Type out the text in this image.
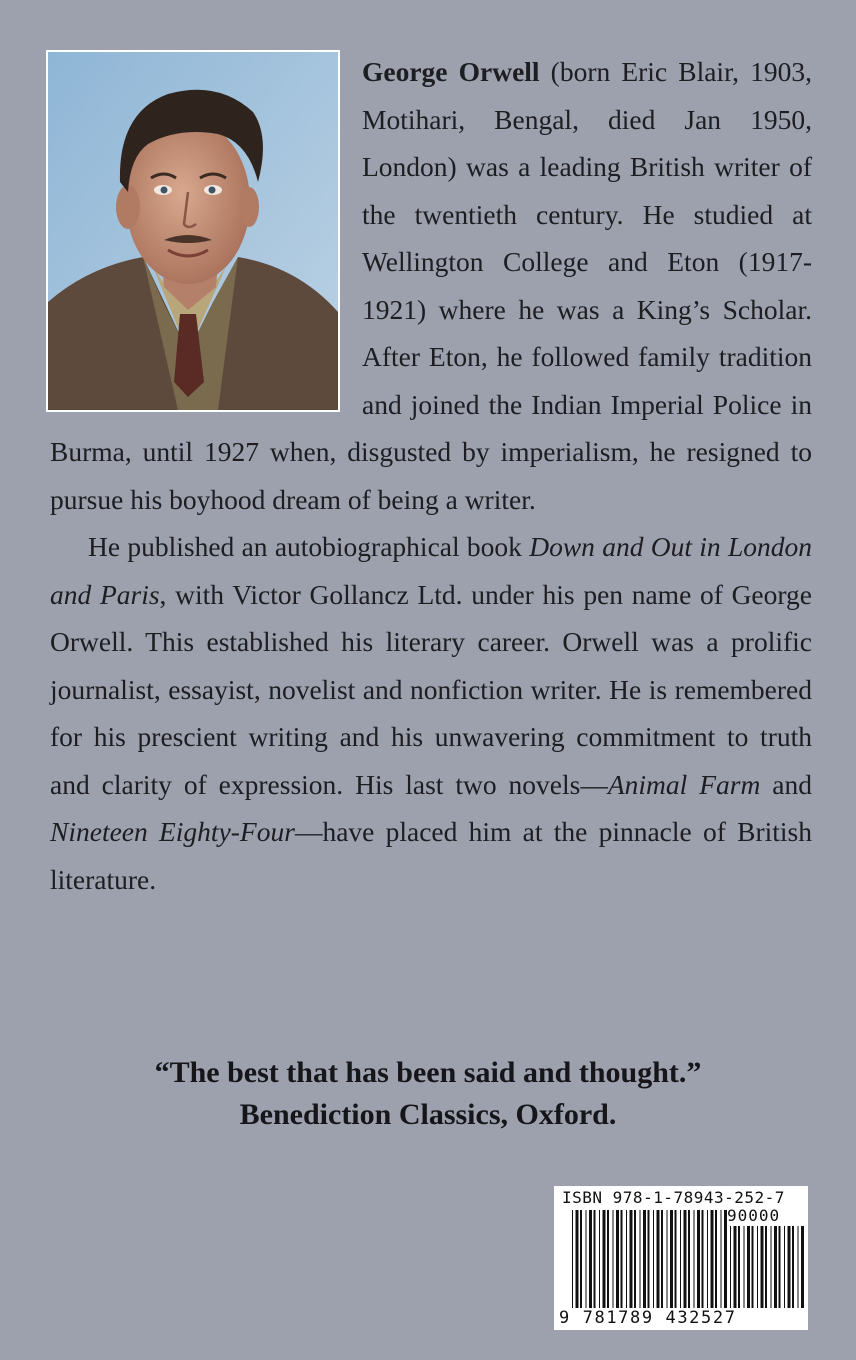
George Orwell (born Eric Blair, 1903, Motihari, Bengal, died Jan 1950, London) was a leading British writer of the twentieth century. He studied at Wellington College and Eton (1917-1921) where he was a King’s Scholar. After Eton, he followed family tradition and joined the Indian Imperial Police in Burma, until 1927 when, disgusted by imperialism, he resigned to pursue his boyhood dream of being a writer.

He published an autobiographical book Down and Out in London and Paris, with Victor Gollancz Ltd. under his pen name of George Orwell. This established his literary career. Orwell was a prolific journalist, essayist, novelist and nonfiction writer. He is remembered for his prescient writing and his unwavering commitment to truth and clarity of expression. His last two novels—Animal Farm and Nineteen Eighty-Four—have placed him at the pinnacle of British literature.

“The best that has been said and thought.”
Benediction Classics, Oxford.
ISBN 978-1-78943-252-7
90000
9 781789 432527
